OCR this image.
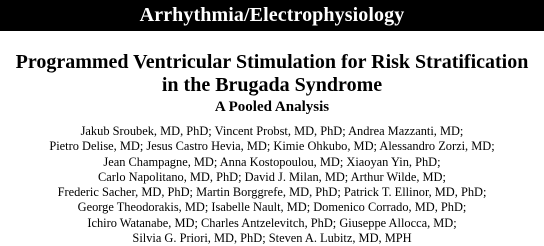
Arrhythmia/Electrophysiology
Programmed Ventricular Stimulation for Risk Stratification
in the Brugada Syndrome
A Pooled Analysis
Jakub Sroubek, MD, PhD; Vincent Probst, MD, PhD; Andrea Mazzanti, MD;
Pietro Delise, MD; Jesus Castro Hevia, MD; Kimie Ohkubo, MD; Alessandro Zorzi, MD;
Jean Champagne, MD; Anna Kostopoulou, MD; Xiaoyan Yin, PhD;
Carlo Napolitano, MD, PhD; David J. Milan, MD; Arthur Wilde, MD;
Frederic Sacher, MD, PhD; Martin Borggrefe, MD, PhD; Patrick T. Ellinor, MD, PhD;
George Theodorakis, MD; Isabelle Nault, MD; Domenico Corrado, MD, PhD;
Ichiro Watanabe, MD; Charles Antzelevitch, PhD; Giuseppe Allocca, MD;
Silvia G. Priori, MD, PhD; Steven A. Lubitz, MD, MPH
